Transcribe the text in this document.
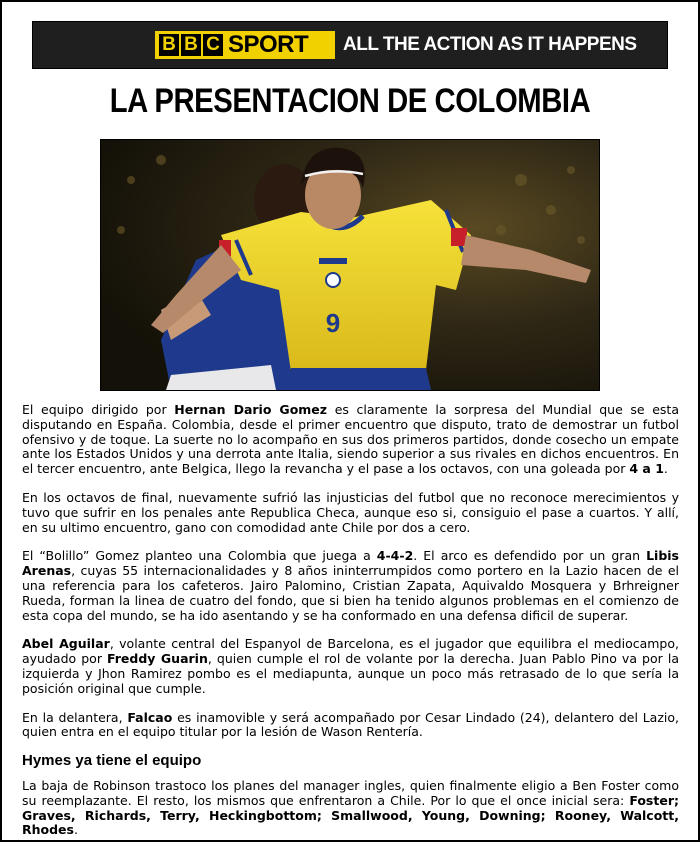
B B C SPORT ALL THE ACTION AS IT HAPPENS
LA PRESENTACION DE COLOMBIA
9

El equipo dirigido por Hernan Dario Gomez es claramente la sorpresa del Mundial que se esta disputando en España. Colombia, desde el primer encuentro que disputo, trato de demostrar un futbol ofensivo y de toque. La suerte no lo acompaño en sus dos primeros partidos, donde cosecho un empate ante los Estados Unidos y una derrota ante Italia, siendo superior a sus rivales en dichos encuentros. En el tercer encuentro, ante Belgica, llego la revancha y el pase a los octavos, con una goleada por 4 a 1.

En los octavos de final, nuevamente sufrió las injusticias del futbol que no reconoce merecimientos y tuvo que sufrir en los penales ante Republica Checa, aunque eso si, consiguio el pase a cuartos. Y allí, en su ultimo encuentro, gano con comodidad ante Chile por dos a cero.

El “Bolillo” Gomez planteo una Colombia que juega a 4-4-2. El arco es defendido por un gran Libis Arenas, cuyas 55 internacionalidades y 8 años ininterrumpidos como portero en la Lazio hacen de el una referencia para los cafeteros. Jairo Palomino, Cristian Zapata, Aquivaldo Mosquera y Brhreigner Rueda, forman la linea de cuatro del fondo, que si bien ha tenido algunos problemas en el comienzo de esta copa del mundo, se ha ido asentando y se ha conformado en una defensa dificil de superar.

Abel Aguilar, volante central del Espanyol de Barcelona, es el jugador que equilibra el mediocampo, ayudado por Freddy Guarin, quien cumple el rol de volante por la derecha. Juan Pablo Pino va por la izquierda y Jhon Ramirez pombo es el mediapunta, aunque un poco más retrasado de lo que sería la posición original que cumple.

En la delantera, Falcao es inamovible y será acompañado por Cesar Lindado (24), delantero del Lazio, quien entra en el equipo titular por la lesión de Wason Rentería.

Hymes ya tiene el equipo

La baja de Robinson trastoco los planes del manager ingles, quien finalmente eligio a Ben Foster como su reemplazante. El resto, los mismos que enfrentaron a Chile. Por lo que el once inicial sera: Foster; Graves, Richards, Terry, Heckingbottom; Smallwood, Young, Downing; Rooney, Walcott, Rhodes.
